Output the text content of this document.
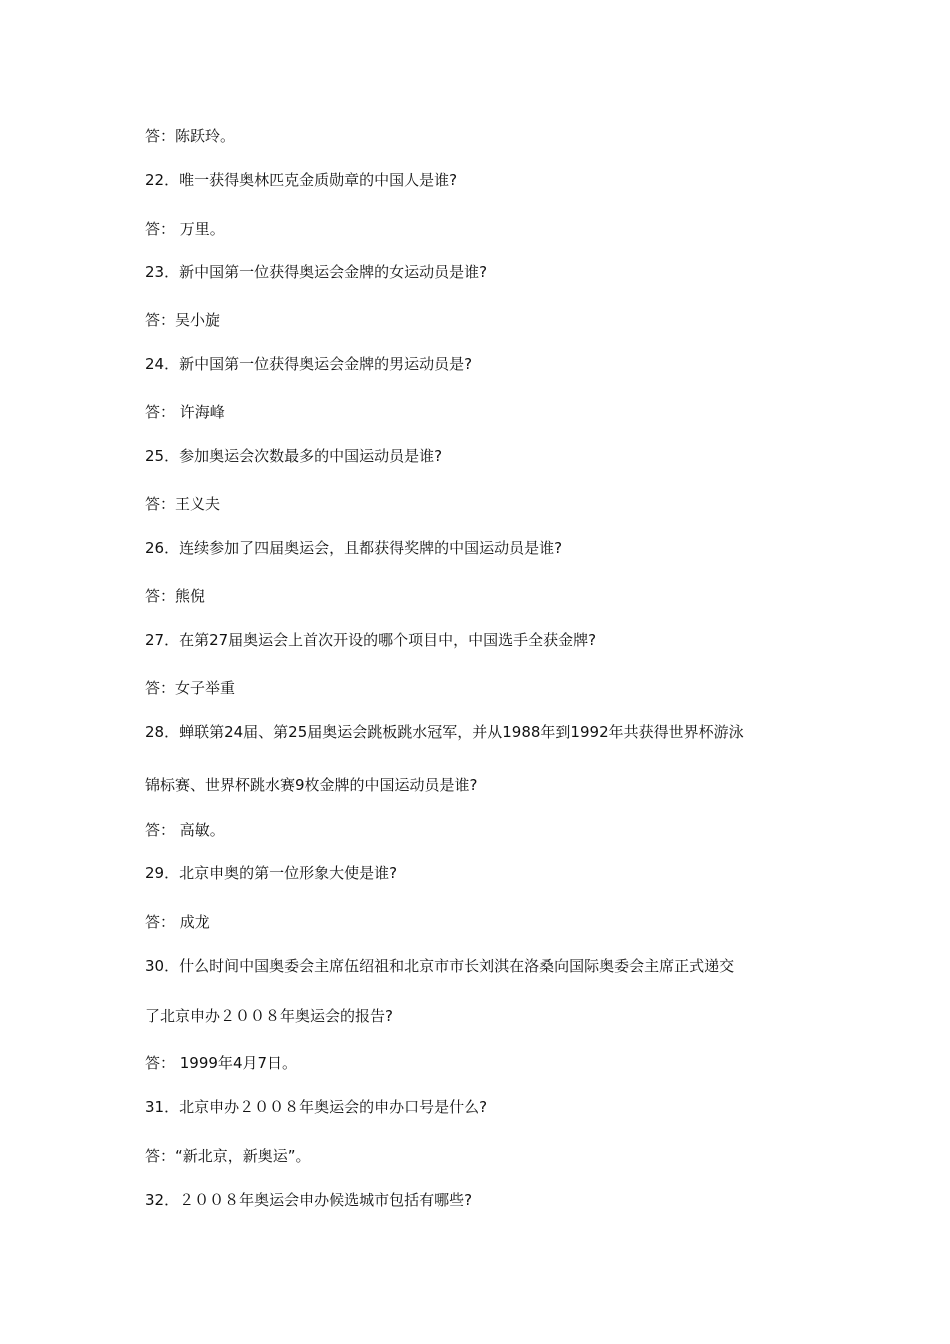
答：陈跃玲。
22．唯一获得奥林匹克金质勋章的中国人是谁?
答： 万里。
23．新中国第一位获得奥运会金牌的女运动员是谁?
答：吴小旋
24．新中国第一位获得奥运会金牌的男运动员是?
答： 许海峰
25．参加奥运会次数最多的中国运动员是谁?
答：王义夫
26．连续参加了四届奥运会，且都获得奖牌的中国运动员是谁?
答：熊倪
27．在第27届奥运会上首次开设的哪个项目中，中国选手全获金牌?
答：女子举重
28．蝉联第24届、第25届奥运会跳板跳水冠军，并从1988年到1992年共获得世界杯游泳
锦标赛、世界杯跳水赛9枚金牌的中国运动员是谁?
答： 高敏。
29．北京申奥的第一位形象大使是谁?
答： 成龙
30．什么时间中国奥委会主席伍绍祖和北京市市长刘淇在洛桑向国际奥委会主席正式递交
了北京申办２００８年奥运会的报告?
答： 1999年4月7日。
31．北京申办２００８年奥运会的申办口号是什么?
答：“新北京，新奥运”。
32．２００８年奥运会申办候选城市包括有哪些?
